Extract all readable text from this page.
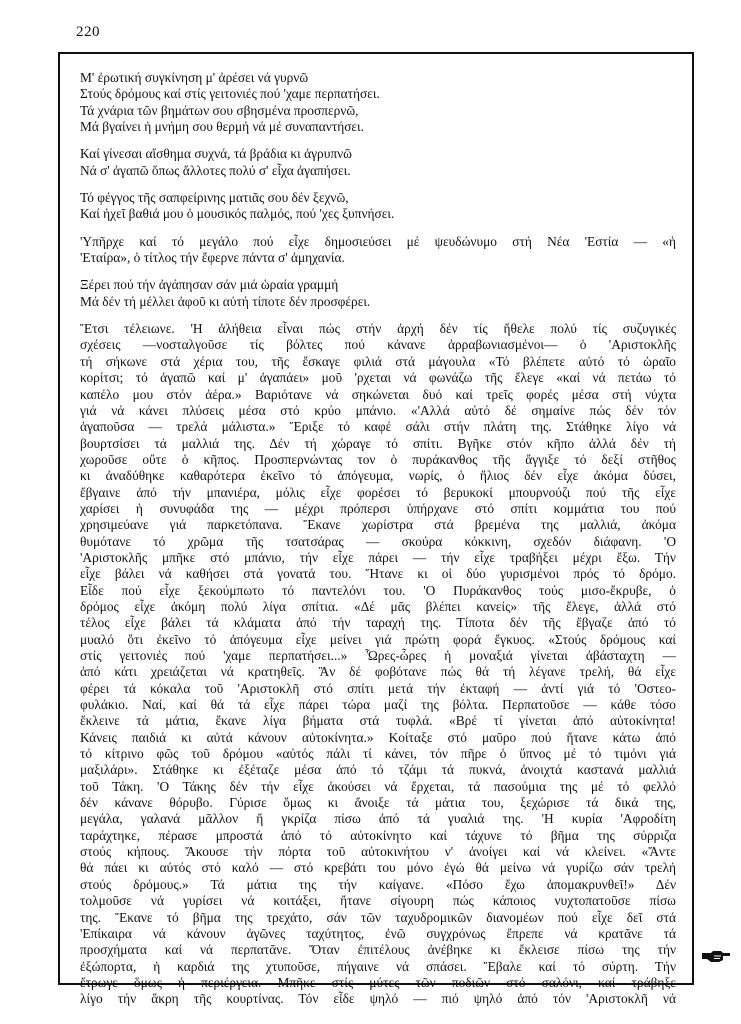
220
Μ' ἐρωτική συγκίνηση μ' ἀρέσει νά γυρνῶ
Στούς δρόμους καί στίς γειτονιές πού 'χαμε περπατήσει.
Τά χνάρια τῶν βημάτων σου σβησμένα προσπερνῶ,
Μά βγαίνει ἡ μνήμη σου θερμή νά μέ συναπαντήσει.
Καί γίνεσαι αἴσθημα συχνά, τά βράδια κι ἀγρυπνῶ
Νά σ' ἀγαπῶ ὅπως ἄλλοτες πολύ σ' εἶχα ἀγαπήσει.
Τό φέγγος τῆς σαπφείρινης ματιᾶς σου δέν ξεχνῶ,
Καί ἠχεῖ βαθιά μου ὁ μουσικός παλμός, πού 'χες ξυπνήσει.
'Υπῆρχε καί τό μεγάλο πού εἶχε δημοσιεύσει μέ ψευδώνυμο στή Νέα 'Εστία — «ἡ
'Εταίρα», ὁ τίτλος τήν ἔφερνε πάντα σ' ἀμηχανία.
Ξέρει πού τήν ἀγάπησαν σάν μιά ὡραία γραμμή
Μά δέν τή μέλλει ἀφοῦ κι αὐτή τίποτε δέν προσφέρει.
Ἔτσι τέλειωνε. 'Η ἀλήθεια εἶναι πώς στήν ἀρχή δέν τίς ἤθελε πολύ τίς συζυγικές
σχέσεις —νοσταλγοῦσε τίς βόλτες πού κάνανε ἀρραβωνιασμένοι— ὁ 'Αριστοκλῆς
τή σήκωνε στά χέρια του, τῆς ἔσκαγε φιλιά στά μάγουλα «Τό βλέπετε αὐτό τό ὡραῖο
κορίτσι; τό ἀγαπῶ καί μ' ἀγαπάει» μοῦ 'ρχεται νά φωνάζω τῆς ἔλεγε «καί νά πετάω τό
καπέλο μου στόν ἀέρα.» Βαριότανε νά σηκώνεται δυό καί τρεῖς φορές μέσα στή νύχτα
γιά νά κάνει πλύσεις μέσα στό κρύο μπάνιο. «'Αλλά αὐτό δέ σημαίνε πώς δέν τόν
ἀγαποῦσα — τρελά μάλιστα.» Ἔριξε τό καφέ σάλι στήν πλάτη της. Στάθηκε λίγο νά
βουρτσίσει τά μαλλιά της. Δέν τή χώραγε τό σπίτι. Βγῆκε στόν κῆπο ἀλλά δέν τή
χωροῦσε οὔτε ὁ κῆπος. Προσπερνώντας τον ὁ πυράκανθος τῆς ἄγγιξε τό δεξί στῆθος
κι ἀναδύθηκε καθαρότερα ἐκεῖνο τό ἀπόγευμα, νωρίς, ὁ ἥλιος δέν εἶχε ἀκόμα δύσει,
ἔβγαινε ἀπό τήν μπανιέρα, μόλις εἶχε φορέσει τό βερυκοκί μπουρνούζι πού τῆς εἶχε
χαρίσει ἡ συνυφάδα της — μέχρι πρόπερσι ὑπήρχανε στό σπίτι κομμάτια του πού
χρησιμεύανε γιά παρκετόπανα. Ἔκανε χωρίστρα στά βρεμένα της μαλλιά, ἀκόμα
θυμότανε τό χρῶμα τῆς τσατσάρας — σκούρα κόκκινη, σχεδόν διάφανη. 'Ο
'Αριστοκλῆς μπῆκε στό μπάνιο, τήν εἶχε πάρει — τήν εἶχε τραβήξει μέχρι ἔξω. Τήν
εἶχε βάλει νά καθήσει στά γονατά του. Ἤτανε κι οἱ δύο γυρισμένοι πρός τό δρόμο.
Εἶδε πού εἶχε ξεκούμπωτο τό παντελόνι του. 'Ο Πυράκανθος τούς μισο-ἔκρυβε, ὁ
δρόμος εἶχε ἀκόμη πολύ λίγα σπίτια. «Δέ μᾶς βλέπει κανείς» τῆς ἔλεγε, ἀλλά στό
τέλος εἶχε βάλει τά κλάματα ἀπό τήν ταραχή της. Τίποτα δέν τῆς ἔβγαζε ἀπό τό
μυαλό ὅτι ἐκεῖνο τό ἀπόγευμα εἶχε μείνει γιά πρώτη φορά ἔγκυος. «Στούς δρόμους καί
στίς γειτονιές πού 'χαμε περπατήσει...» Ὧρες-ὧρες ἡ μοναξιά γίνεται ἀβάσταχτη —
ἀπό κάτι χρειάζεται νά κρατηθεῖς. Ἂν δέ φοβότανε πώς θά τή λέγανε τρελή, θά εἶχε
φέρει τά κόκαλα τοῦ 'Αριστοκλῆ στό σπίτι μετά τήν ἐκταφή — ἀντί γιά τό 'Οστεο-
φυλάκιο. Ναί, καί θά τά εἶχε πάρει τώρα μαζί της βόλτα. Περπατοῦσε — κάθε τόσο
ἔκλεινε τά μάτια, ἔκανε λίγα βήματα στά τυφλά. «Βρέ τί γίνεται ἀπό αὐτοκίνητα!
Κάνεις παιδιά κι αὐτά κάνουν αὐτοκίνητα.» Κοίταξε στό μαῦρο πού ἤτανε κάτω ἀπό
τό κίτρινο φῶς τοῦ δρόμου «αὐτός πάλι τί κάνει, τόν πῆρε ὁ ὕπνος μέ τό τιμόνι γιά
μαξιλάρι». Στάθηκε κι ἐξέταζε μέσα ἀπό τό τζάμι τά πυκνά, ἀνοιχτά καστανά μαλλιά
τοῦ Τάκη. 'Ο Τάκης δέν τήν εἶχε ἀκούσει νά ἔρχεται, τά πασούμια της μέ τό φελλό
δέν κάνανε θόρυβο. Γύρισε ὅμως κι ἄνοιξε τά μάτια του, ξεχώρισε τά δικά της,
μεγάλα, γαλανά μᾶλλον ἤ γκρίζα πίσω ἀπό τά γυαλιά της. 'Η κυρία 'Αφροδίτη
ταράχτηκε, πέρασε μπροστά ἀπό τό αὐτοκίνητο καί τάχυνε τό βῆμα της σύρριζα
στούς κήπους. Ἄκουσε τήν πόρτα τοῦ αὐτοκινήτου ν' ἀνοίγει καί νά κλείνει. «Ἄντε
θά πάει κι αὐτός στό καλό — στό κρεβάτι του μόνο ἐγώ θά μείνω νά γυρίζω σάν τρελή
στούς δρόμους.» Τά μάτια της τήν καίγανε. «Πόσο ἔχω ἀπομακρυνθεῖ!» Δέν
τολμοῦσε νά γυρίσει νά κοιτάξει, ἤτανε σίγουρη πώς κάποιος νυχτοπατοῦσε πίσω
της. Ἔκανε τό βῆμα της τρεχάτο, σάν τῶν ταχυδρομικῶν διανομέων πού εἶχε δεῖ στά
'Επίκαιρα νά κάνουν ἀγῶνες ταχύτητος, ἐνῶ συγχρόνως ἔπρεπε νά κρατᾶνε τά
προσχήματα καί νά περπατᾶνε. Ὅταν ἐπιτέλους ἀνέβηκε κι ἔκλεισε πίσω της τήν
ἐξώπορτα, ἡ καρδιά της χτυποῦσε, πήγαινε νά σπάσει. Ἔβαλε καί τό σύρτη. Τήν
ἔτρωγε ὅμως ἡ περιέργεια. Μπῆκε στίς μύτες τῶν ποδιῶν στό σαλόνι, καί τράβηξε
λίγο τήν ἄκρη τῆς κουρτίνας. Τόν εἶδε ψηλό — πιό ψηλό ἀπό τόν 'Αριστοκλῆ νά
